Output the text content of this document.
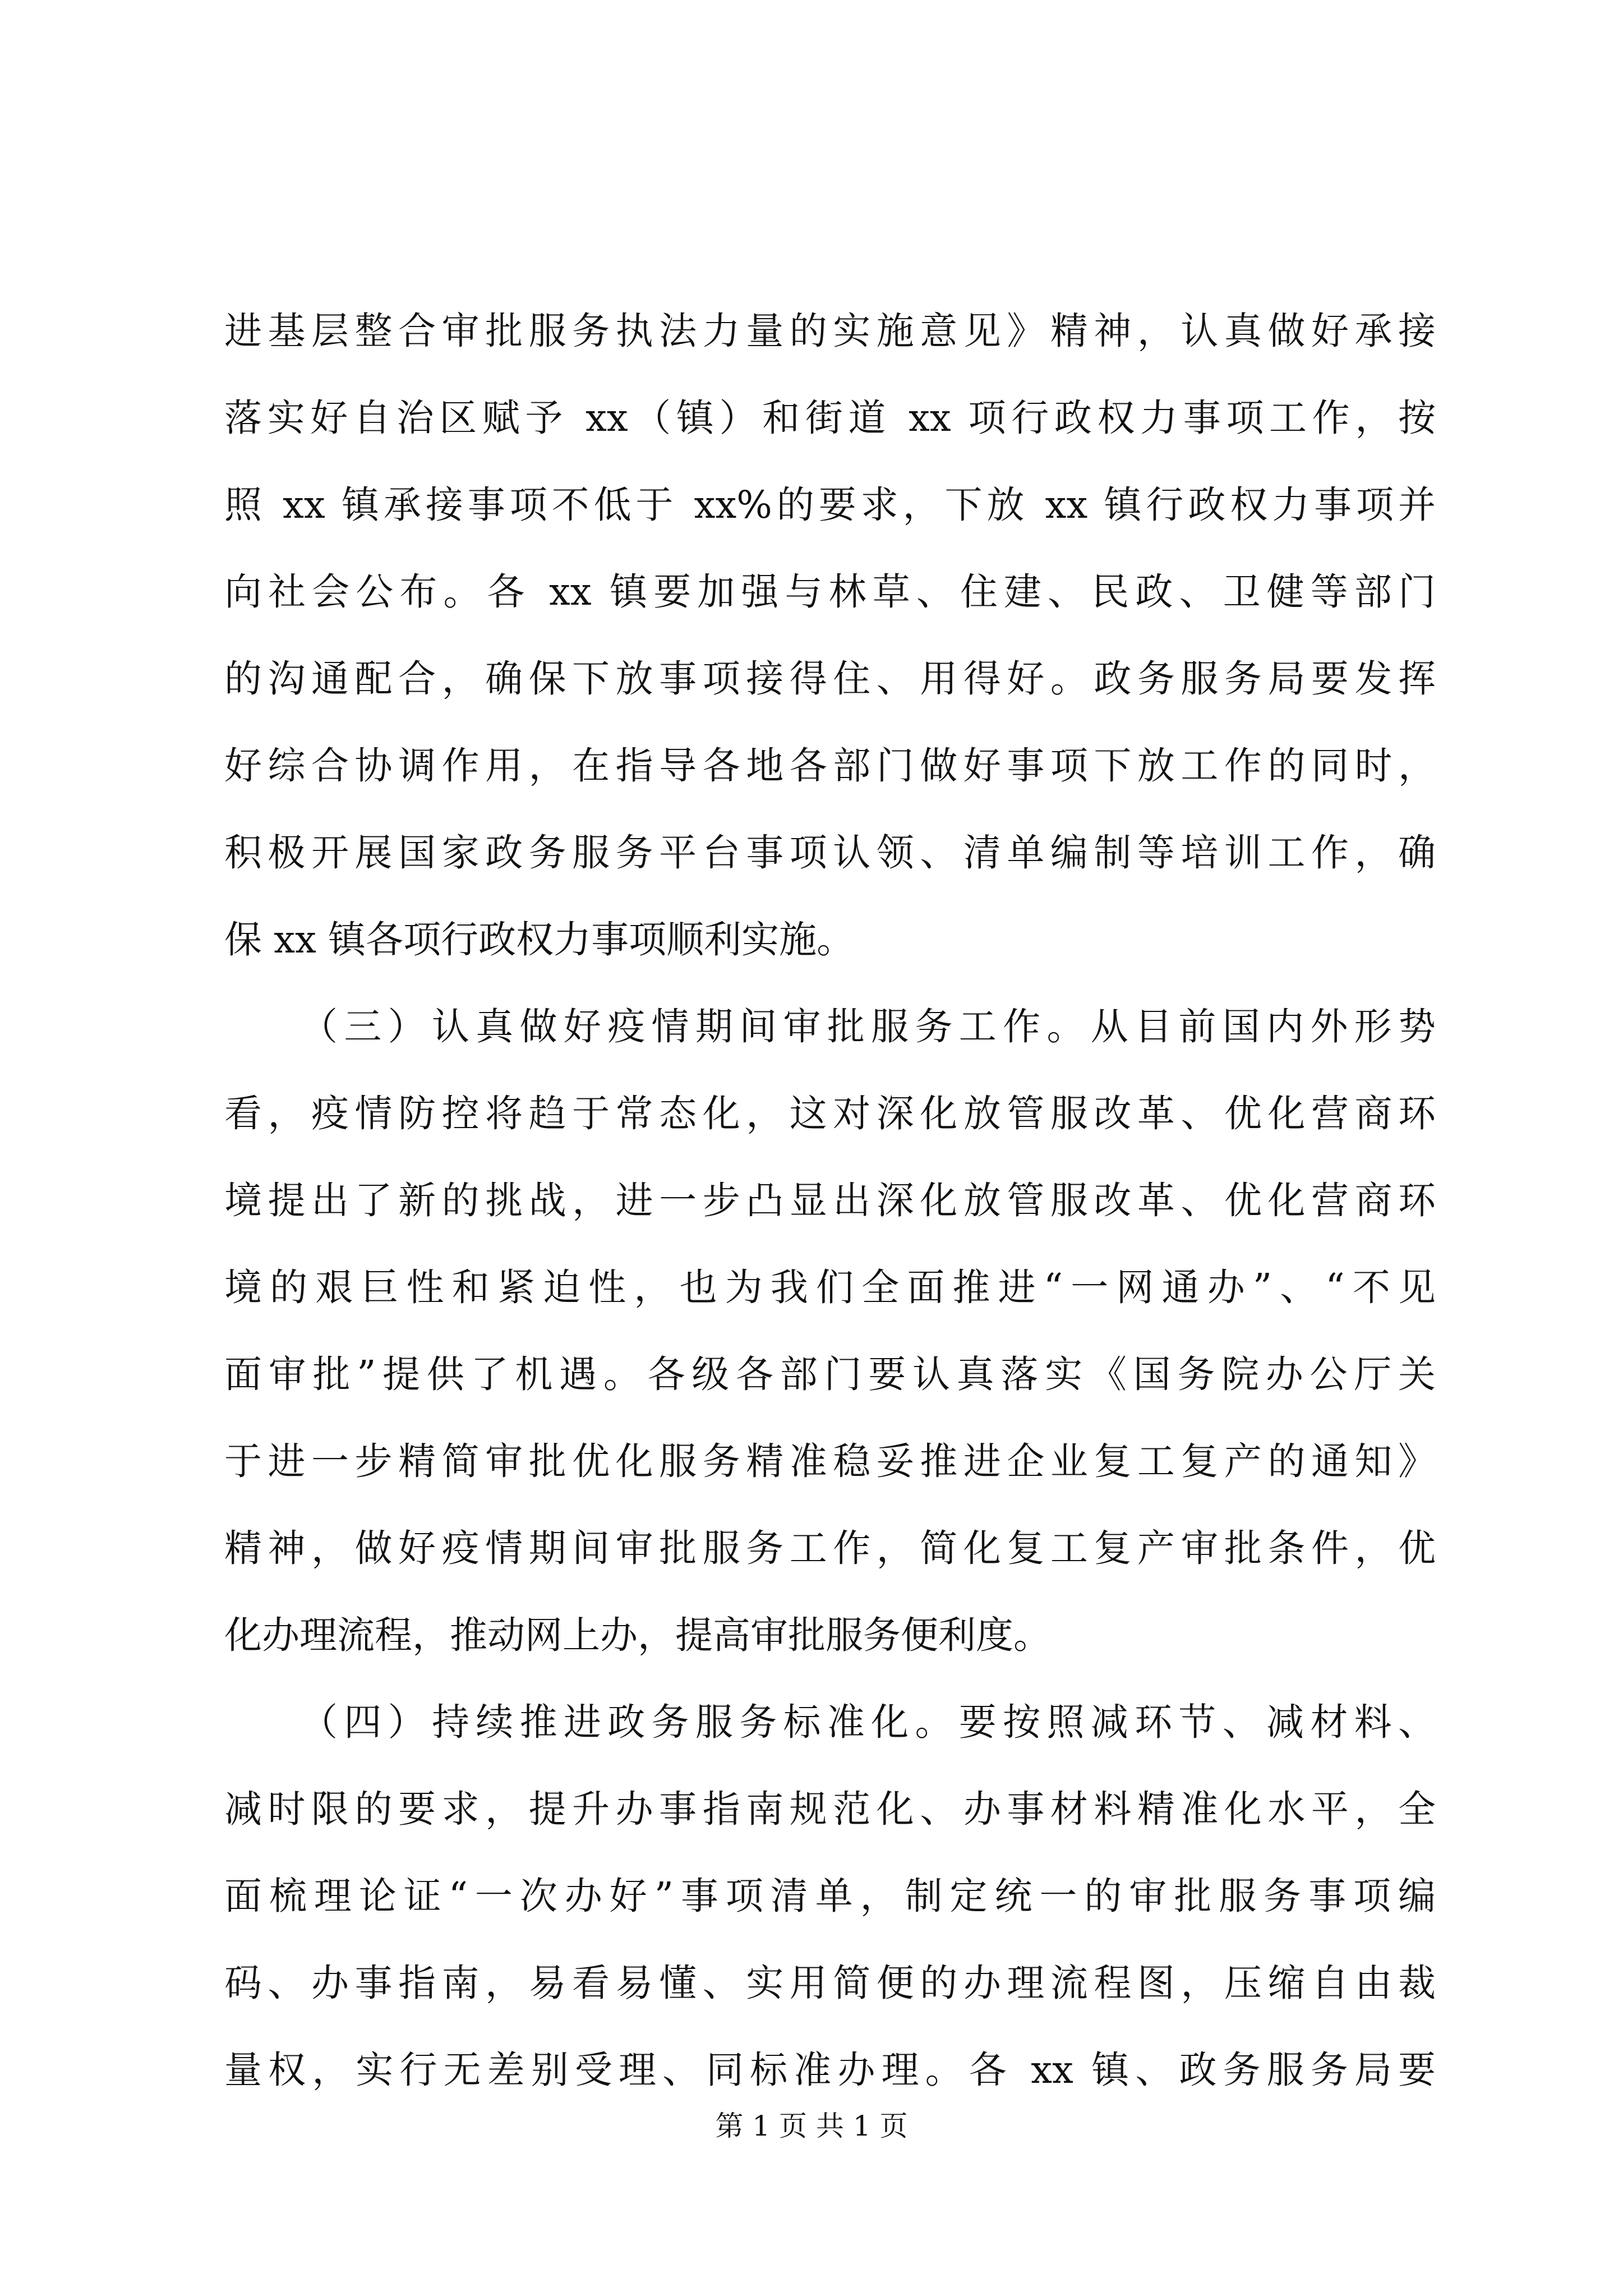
进基层整合审批服务执法力量的实施意见》精神，认真做好承接

落实好自治区赋予 xx（镇）和街道 xx 项行政权力事项工作，按

照 xx 镇承接事项不低于 xx%的要求，下放 xx 镇行政权力事项并

向社会公布。各 xx 镇要加强与林草、住建、民政、卫健等部门

的沟通配合，确保下放事项接得住、用得好。政务服务局要发挥

好综合协调作用，在指导各地各部门做好事项下放工作的同时，

积极开展国家政务服务平台事项认领、清单编制等培训工作，确

保 xx 镇各项行政权力事项顺利实施。

（三）认真做好疫情期间审批服务工作。从目前国内外形势

看，疫情防控将趋于常态化，这对深化放管服改革、优化营商环

境提出了新的挑战，进一步凸显出深化放管服改革、优化营商环

境的艰巨性和紧迫性，也为我们全面推进“一网通办”、“不见

面审批”提供了机遇。各级各部门要认真落实《国务院办公厅关

于进一步精简审批优化服务精准稳妥推进企业复工复产的通知》

精神，做好疫情期间审批服务工作，简化复工复产审批条件，优

化办理流程，推动网上办，提高审批服务便利度。

（四）持续推进政务服务标准化。要按照减环节、减材料、

减时限的要求，提升办事指南规范化、办事材料精准化水平，全

面梳理论证“一次办好”事项清单，制定统一的审批服务事项编

码、办事指南，易看易懂、实用简便的办理流程图，压缩自由裁

量权，实行无差别受理、同标准办理。各 xx 镇、政务服务局要

第 1 页 共 1 页
